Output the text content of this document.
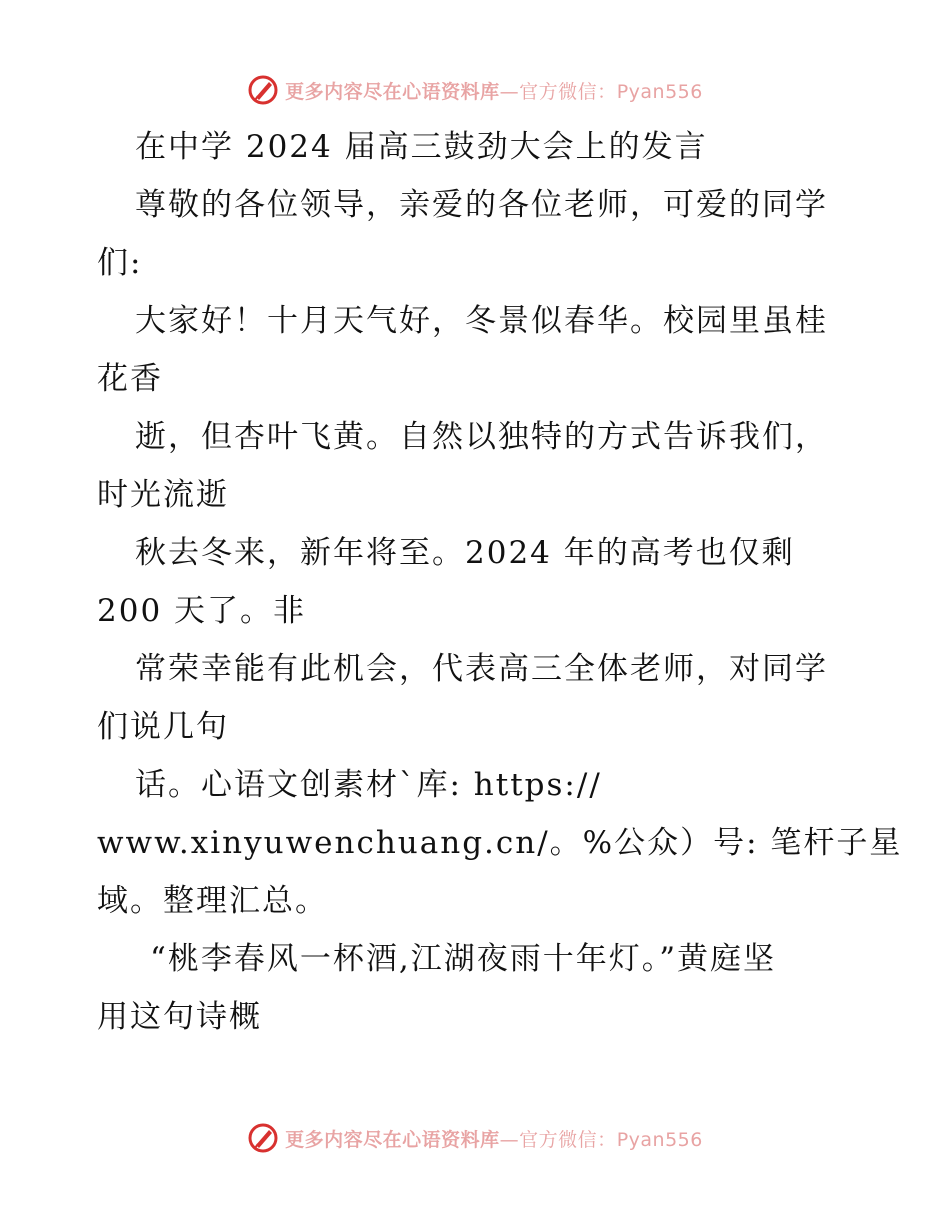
更多内容尽在心语资料库—官方微信：Pyan556
在中学 2024 届高三鼓劲大会上的发言
尊敬的各位领导，亲爱的各位老师，可爱的同学
们:
大家好！十月天气好，冬景似春华。校园里虽桂
花香
逝，但杏叶飞黄。自然以独特的方式告诉我们，
时光流逝
秋去冬来，新年将至。2024 年的高考也仅剩
200 天了。非
常荣幸能有此机会，代表高三全体老师，对同学
们说几句
话。心语文创素材`库: https://
www.xinyuwenchuang.cn/。%公众）号: 笔杆子星
域。整理汇总。
“桃李春风一杯酒,江湖夜雨十年灯。”黄庭坚
用这句诗概
更多内容尽在心语资料库—官方微信：Pyan556
